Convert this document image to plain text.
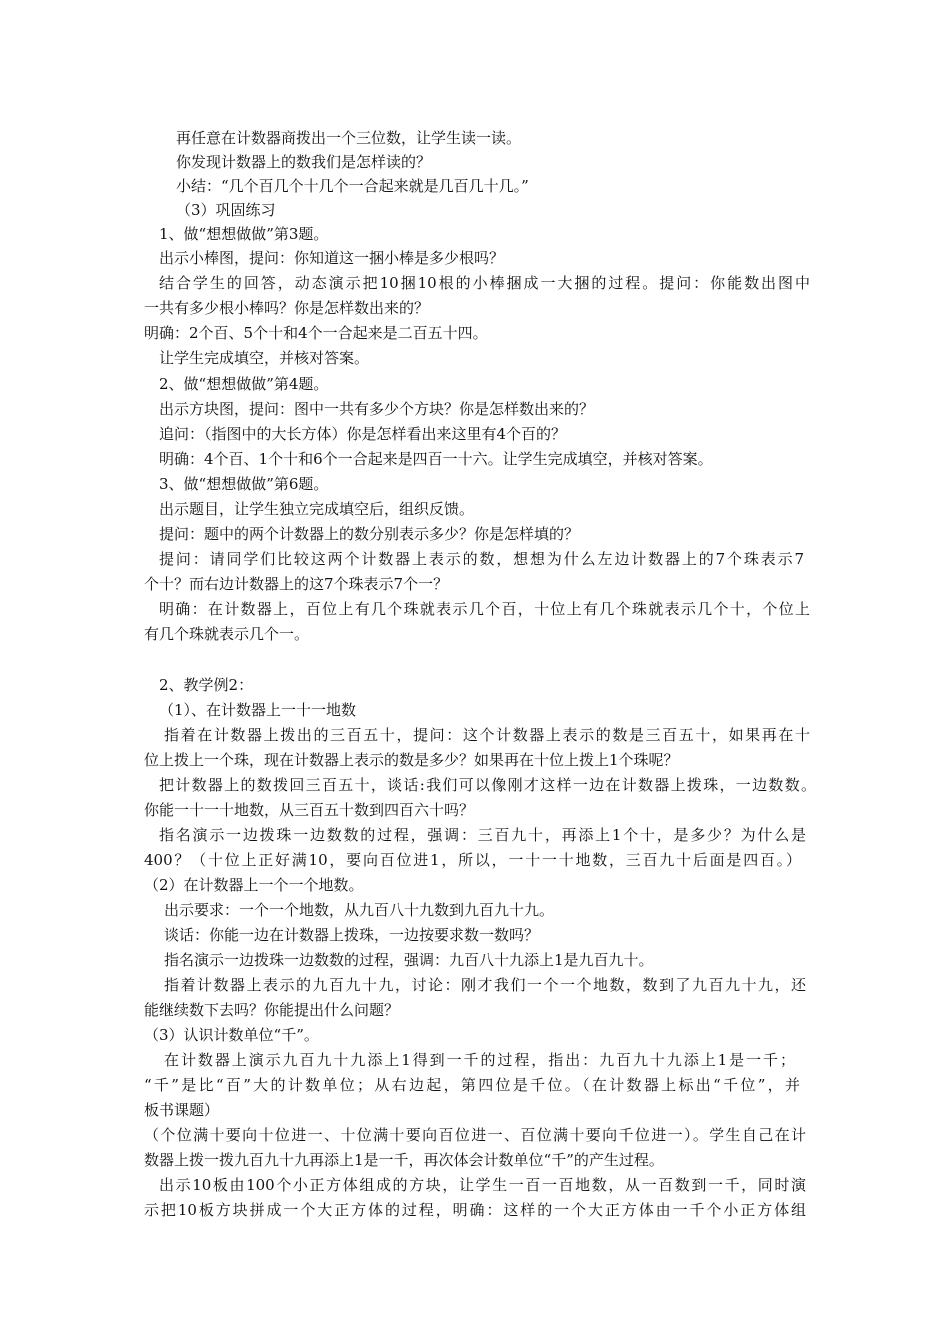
再任意在计数器商拨出一个三位数，让学生读一读。
你发现计数器上的数我们是怎样读的？
小结：“几个百几个十几个一合起来就是几百几十几。”
（3）巩固练习
1、做“想想做做”第3题。
出示小棒图，提问：你知道这一捆小棒是多少根吗？
结合学生的回答，动态演示把10捆10根的小棒捆成一大捆的过程。提问：你能数出图中
一共有多少根小棒吗？你是怎样数出来的？
明确：2个百、5个十和4个一合起来是二百五十四。
让学生完成填空，并核对答案。
2、做“想想做做”第4题。
出示方块图，提问：图中一共有多少个方块？你是怎样数出来的？
追问：（指图中的大长方体）你是怎样看出来这里有4个百的？
明确：4个百、1个十和6个一合起来是四百一十六。让学生完成填空，并核对答案。
3、做“想想做做”第6题。
出示题目，让学生独立完成填空后，组织反馈。
提问：题中的两个计数器上的数分别表示多少？你是怎样填的？
提问：请同学们比较这两个计数器上表示的数，想想为什么左边计数器上的7个珠表示7
个十？而右边计数器上的这7个珠表示7个一？
明确：在计数器上，百位上有几个珠就表示几个百，十位上有几个珠就表示几个十，个位上
有几个珠就表示几个一。
2、教学例2：
（1）、在计数器上一十一地数
指着在计数器上拨出的三百五十，提问：这个计数器上表示的数是三百五十，如果再在十
位上拨上一个珠，现在计数器上表示的数是多少？如果再在十位上拨上1个珠呢？
把计数器上的数拨回三百五十，谈话:我们可以像刚才这样一边在计数器上拨珠，一边数数。
你能一十一十地数，从三百五十数到四百六十吗？
指名演示一边拨珠一边数数的过程，强调：三百九十，再添上1个十，是多少？为什么是
400？（十位上正好满10，要向百位进1，所以，一十一十地数，三百九十后面是四百。）
（2）在计数器上一个一个地数。
出示要求：一个一个地数，从九百八十九数到九百九十九。
谈话：你能一边在计数器上拨珠，一边按要求数一数吗？
指名演示一边拨珠一边数数的过程，强调：九百八十九添上1是九百九十。
指着计数器上表示的九百九十九，讨论：刚才我们一个一个地数，数到了九百九十九，还
能继续数下去吗？你能提出什么问题？
（3）认识计数单位“千”。
在计数器上演示九百九十九添上1得到一千的过程，指出：九百九十九添上1是一千；
“千”是比“百”大的计数单位；从右边起，第四位是千位。（在计数器上标出“千位”，并
板书课题）
（个位满十要向十位进一、十位满十要向百位进一、百位满十要向千位进一）。学生自己在计
数器上拨一拨九百九十九再添上1是一千，再次体会计数单位“千”的产生过程。
出示10板由100个小正方体组成的方块，让学生一百一百地数，从一百数到一千，同时演
示把10板方块拼成一个大正方体的过程，明确：这样的一个大正方体由一千个小正方体组
